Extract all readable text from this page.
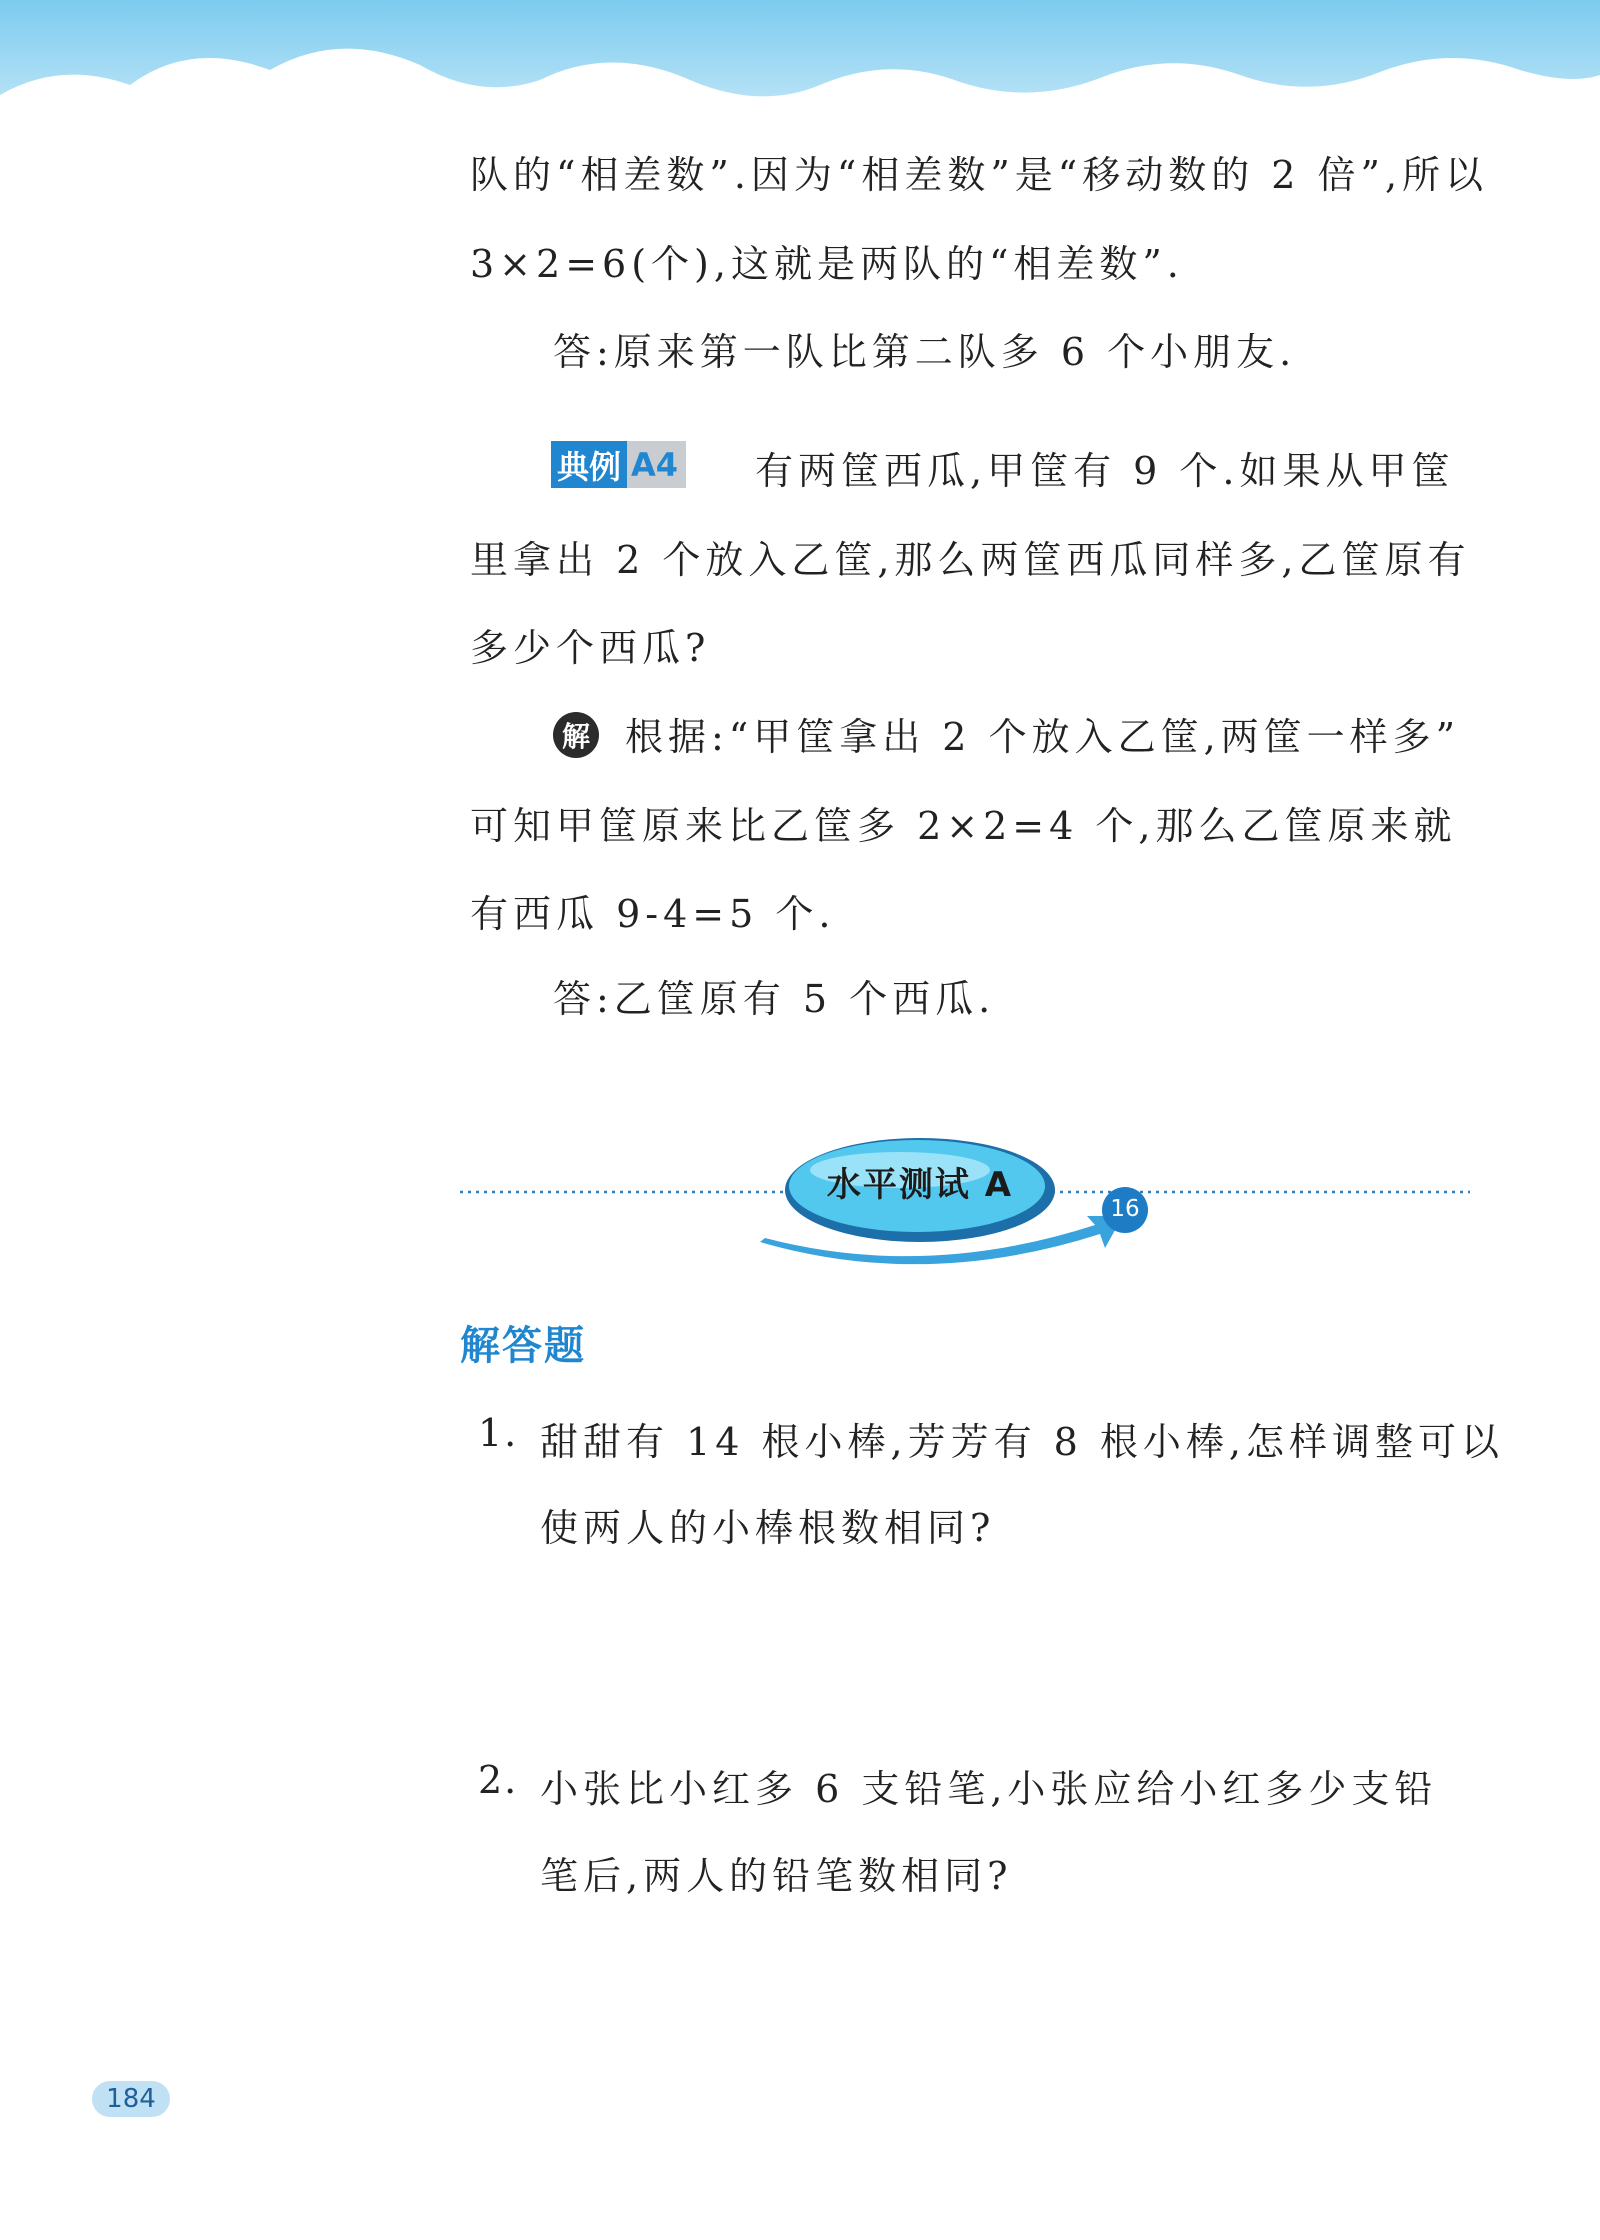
队的“相差数”.因为“相差数”是“移动数的 2 倍”,所以
3×2=6(个),这就是两队的“相差数”.
答:原来第一队比第二队多 6 个小朋友.
典例 A4 有两筐西瓜,甲筐有 9 个.如果从甲筐
里拿出 2 个放入乙筐,那么两筐西瓜同样多,乙筐原有
多少个西瓜?
解 根据:“甲筐拿出 2 个放入乙筐,两筐一样多”
可知甲筐原来比乙筐多 2×2=4 个,那么乙筐原来就
有西瓜 9-4=5 个.
答:乙筐原有 5 个西瓜.
水平测试 A
16
解答题
1. 甜甜有 14 根小棒,芳芳有 8 根小棒,怎样调整可以
使两人的小棒根数相同?
2. 小张比小红多 6 支铅笔,小张应给小红多少支铅
笔后,两人的铅笔数相同?
184
